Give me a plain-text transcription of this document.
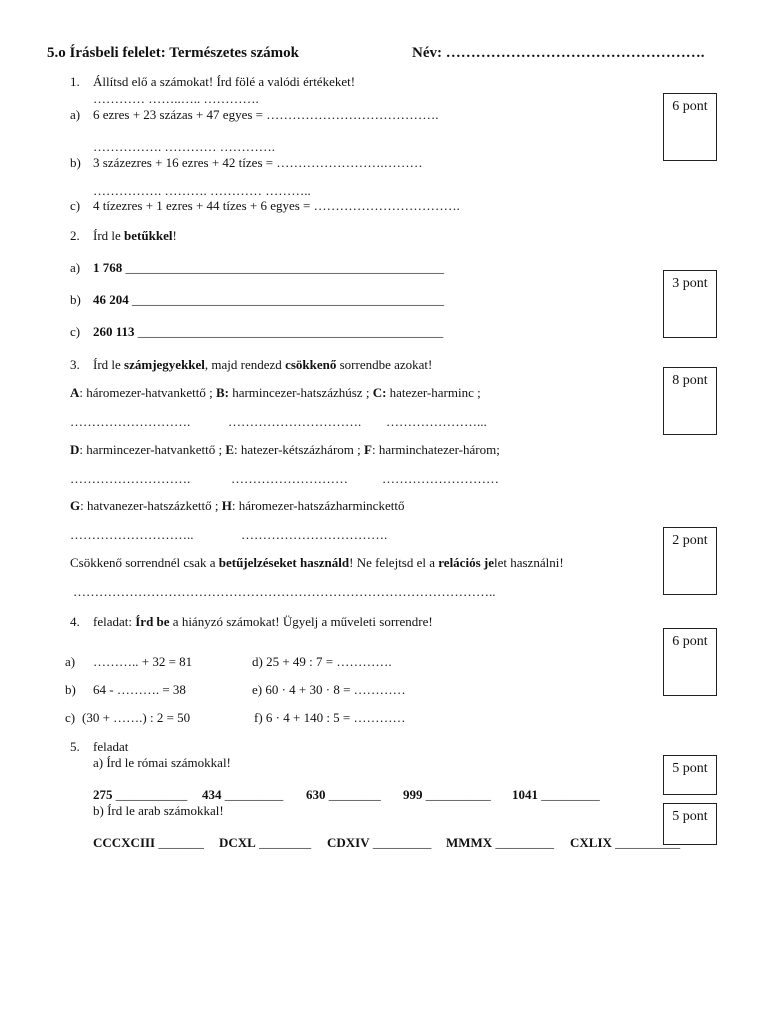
5.o Írásbeli felelet: Természetes számok	Név: …………………………………………….
6 pont
3 pont
8 pont
2 pont
6 pont
5 pont
5 pont
1. Állítsd elő a számokat! Írd fölé a valódi értékeket!
………… ……..….. ………….
a) 6 ezres + 23 százas + 47 egyes = ………………………………….
……………. ………… ………….
b) 3 százezres + 16 ezres + 42 tízes = …………………….………
……………. ………. ………… ………..
c) 4 tízezres + 1 ezres + 44 tízes + 6 egyes = …………………………….
2. Írd le betűkkel!
a) 1 768 _________________________________________________
b) 46 204 ________________________________________________
c) 260 113 _______________________________________________
3. Írd le számjegyekkel, majd rendezd csökkenő sorrendbe azokat!
A: háromezer-hatvankettő ; B: harmincezer-hatszázhúsz ; C: hatezer-harminc ;
……………………….	…………………………. …………………...
D: harmincezer-hatvankettő ; E: hatezer-kétszázhárom ; F: harminchatezer-három;
……………………….	………………………	………………………
G: hatvanezer-hatszázkettő ; H: háromezer-hatszázharminckettő
………………………..	…………………………….
Csökkenő sorrendnél csak a betűjelzéseket használd! Ne felejtsd el a relációs jelet használni!
……………………………………………………………………………………..
4. feladat: Írd be a hiányzó számokat! Ügyelj a műveleti sorrendre!
a) ……….. + 32 = 81	d) 25 + 49 : 7 = ………….
b) 64 - ………. = 38	e) 60 · 4 + 30 · 8 = …………
c) (30 + …….) : 2 = 50	f) 6 · 4 + 140 : 5 = …………
5. feladat
a) Írd le római számokkal!
275 ___________ 434 _________ 630 ________ 999 __________ 1041 _________
b) Írd le arab számokkal!
CCCXCIII _______ DCXL ________ CDXIV _________ MMMX _________ CXLIX __________
